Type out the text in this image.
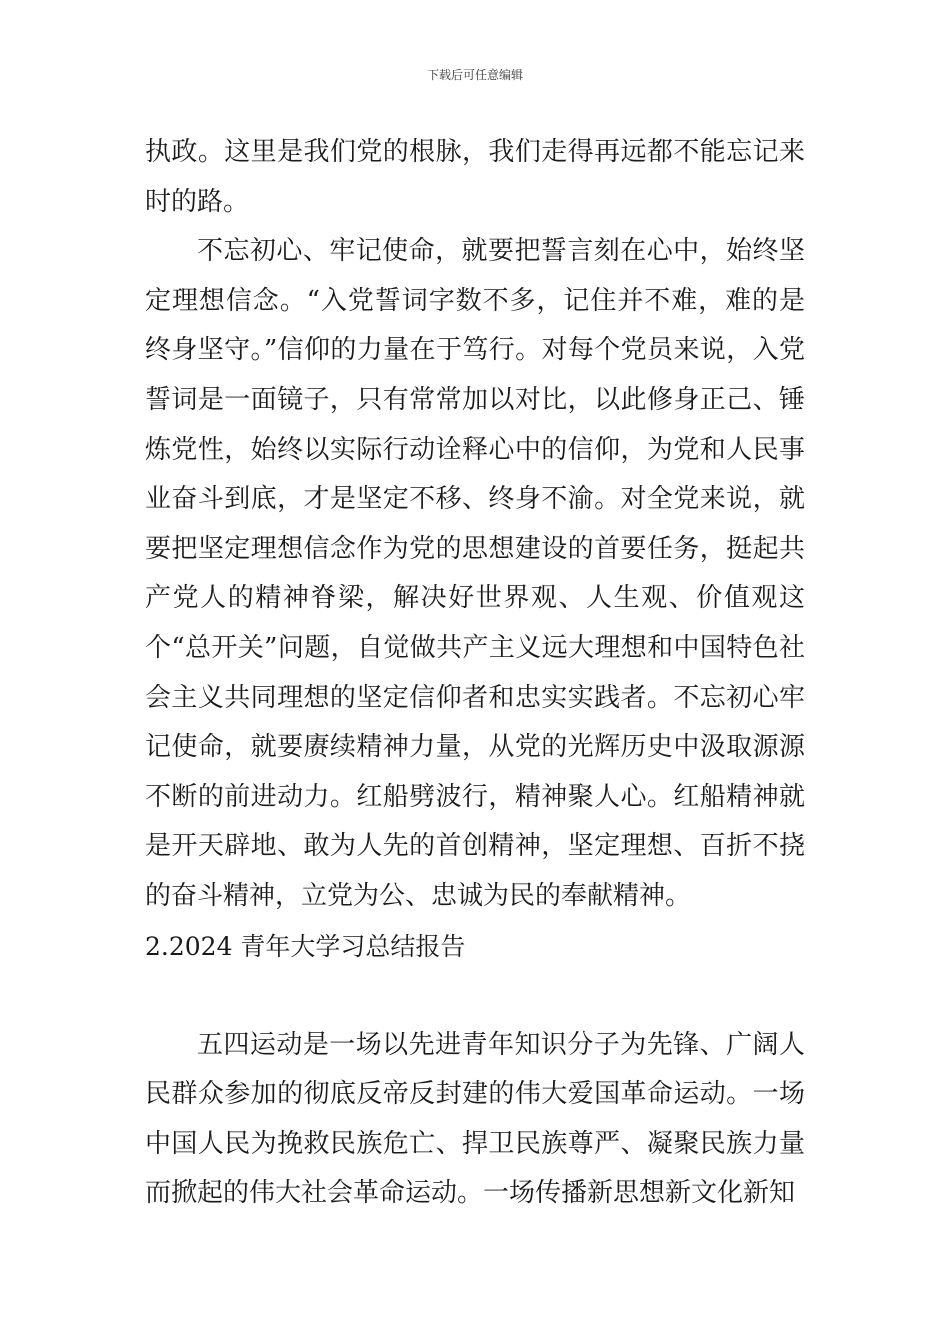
下载后可任意编辑

执政。这里是我们党的根脉，我们走得再远都不能忘记来时的路。

不忘初心、牢记使命，就要把誓言刻在心中，始终坚定理想信念。“入党誓词字数不多，记住并不难，难的是终身坚守。”信仰的力量在于笃行。对每个党员来说，入党誓词是一面镜子，只有常常加以对比，以此修身正己、锤炼党性，始终以实际行动诠释心中的信仰，为党和人民事业奋斗到底，才是坚定不移、终身不渝。对全党来说，就要把坚定理想信念作为党的思想建设的首要任务，挺起共产党人的精神脊梁，解决好世界观、人生观、价值观这个“总开关”问题，自觉做共产主义远大理想和中国特色社会主义共同理想的坚定信仰者和忠实实践者。不忘初心牢记使命，就要赓续精神力量，从党的光辉历史中汲取源源不断的前进动力。红船劈波行，精神聚人心。红船精神就是开天辟地、敢为人先的首创精神，坚定理想、百折不挠的奋斗精神，立党为公、忠诚为民的奉献精神。

2.2024 青年大学习总结报告

五四运动是一场以先进青年知识分子为先锋、广阔人民群众参加的彻底反帝反封建的伟大爱国革命运动。一场中国人民为挽救民族危亡、捍卫民族尊严、凝聚民族力量而掀起的伟大社会革命运动。一场传播新思想新文化新知
